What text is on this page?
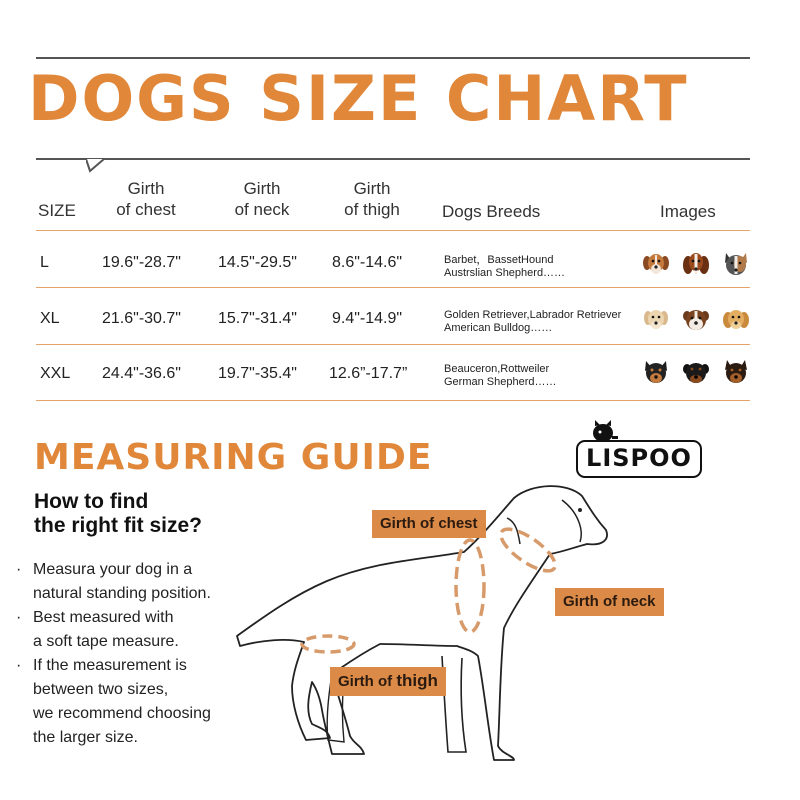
DOGS SIZE CHART
SIZE
Girth
of chest
Girth
of neck
Girth
of thigh	Dogs Breeds	Images
L	19.6"-28.7" 14.5"-29.5" 8.6"-14.6"	Barbet，BassetHound
Austrslian Shepherd……
XL	21.6"-30.7" 15.7"-31.4" 9.4"-14.9"	Golden Retriever,Labrador Retriever
American Bulldog……
XXL 24.4"-36.6" 19.7"-35.4" 12.6”-17.7”	Beauceron,Rottweiler
German Shepherd……
MEASURING GUIDE
How to find
the right fit size?
· Measura your dog in a
natural standing position.
· Best measured with
a soft tape measure.
· If the measurement is
between two sizes,
we recommend choosing
the larger size.
LISPOO
Girth of chest
Girth of neck
Girth of thigh
